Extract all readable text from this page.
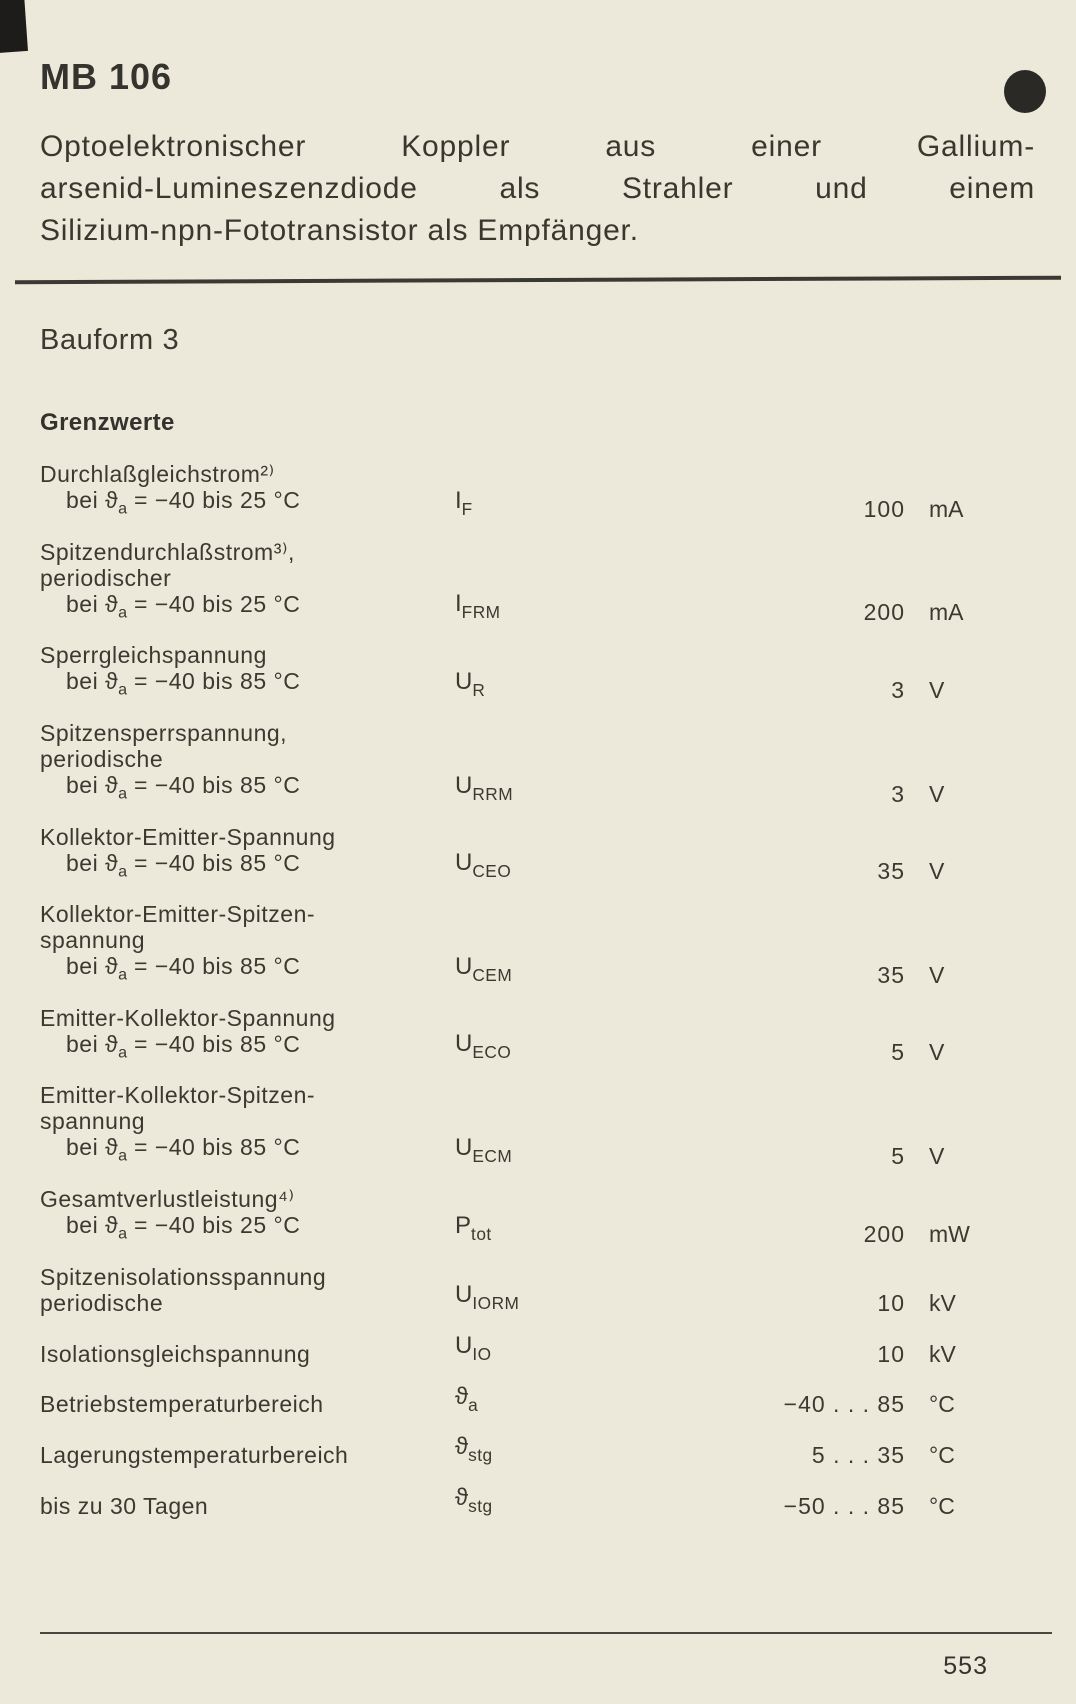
MB 106
Optoelektronischer Koppler aus einer Gallium-
arsenid-Lumineszenzdiode als Strahler und einem
Silizium-npn-Fototransistor als Empfänger.
Bauform 3
Grenzwerte
Durchlaßgleichstrom²⁾
bei $ϑ_a = -40$ bis 25 °C	$I_F$	100 mA
Spitzendurchlaßstrom³⁾,
periodischer
bei $ϑ_a = -40$ bis 25 °C	$I_{FRM}$	200 mA
Sperrgleichspannung
bei $ϑ_a = -40$ bis 85 °C	$U_R$	3 V
Spitzensperrspannung,
periodische
bei $ϑ_a = -40$ bis 85 °C	$U_{RRM}$	3 V
Kollektor-Emitter-Spannung
bei $ϑ_a = -40$ bis 85 °C	$U_{CEO}$	35 V
Kollektor-Emitter-Spitzen-
spannung
bei $ϑ_a = -40$ bis 85 °C	$U_{CEM}$	35 V
Emitter-Kollektor-Spannung
bei $ϑ_a = -40$ bis 85 °C	$U_{ECO}$	5 V
Emitter-Kollektor-Spitzen-
spannung
bei $ϑ_a = -40$ bis 85 °C	$U_{ECM}$	5 V
Gesamtverlustleistung⁴⁾
bei $ϑ_a = -40$ bis 25 °C	$P_{tot}$	200 mW
Spitzenisolationsspannung
periodische	$U_{IORM}$	10 kV
Isolationsgleichspannung	$U_{IO}$	10 kV
Betriebstemperaturbereich	$ϑ_a$	−40 . . . 85 °C
Lagerungstemperaturbereich	$ϑ_{stg}$	5 . . . 35 °C
bis zu 30 Tagen	$ϑ_{stg}$	−50 . . . 85 °C
553
